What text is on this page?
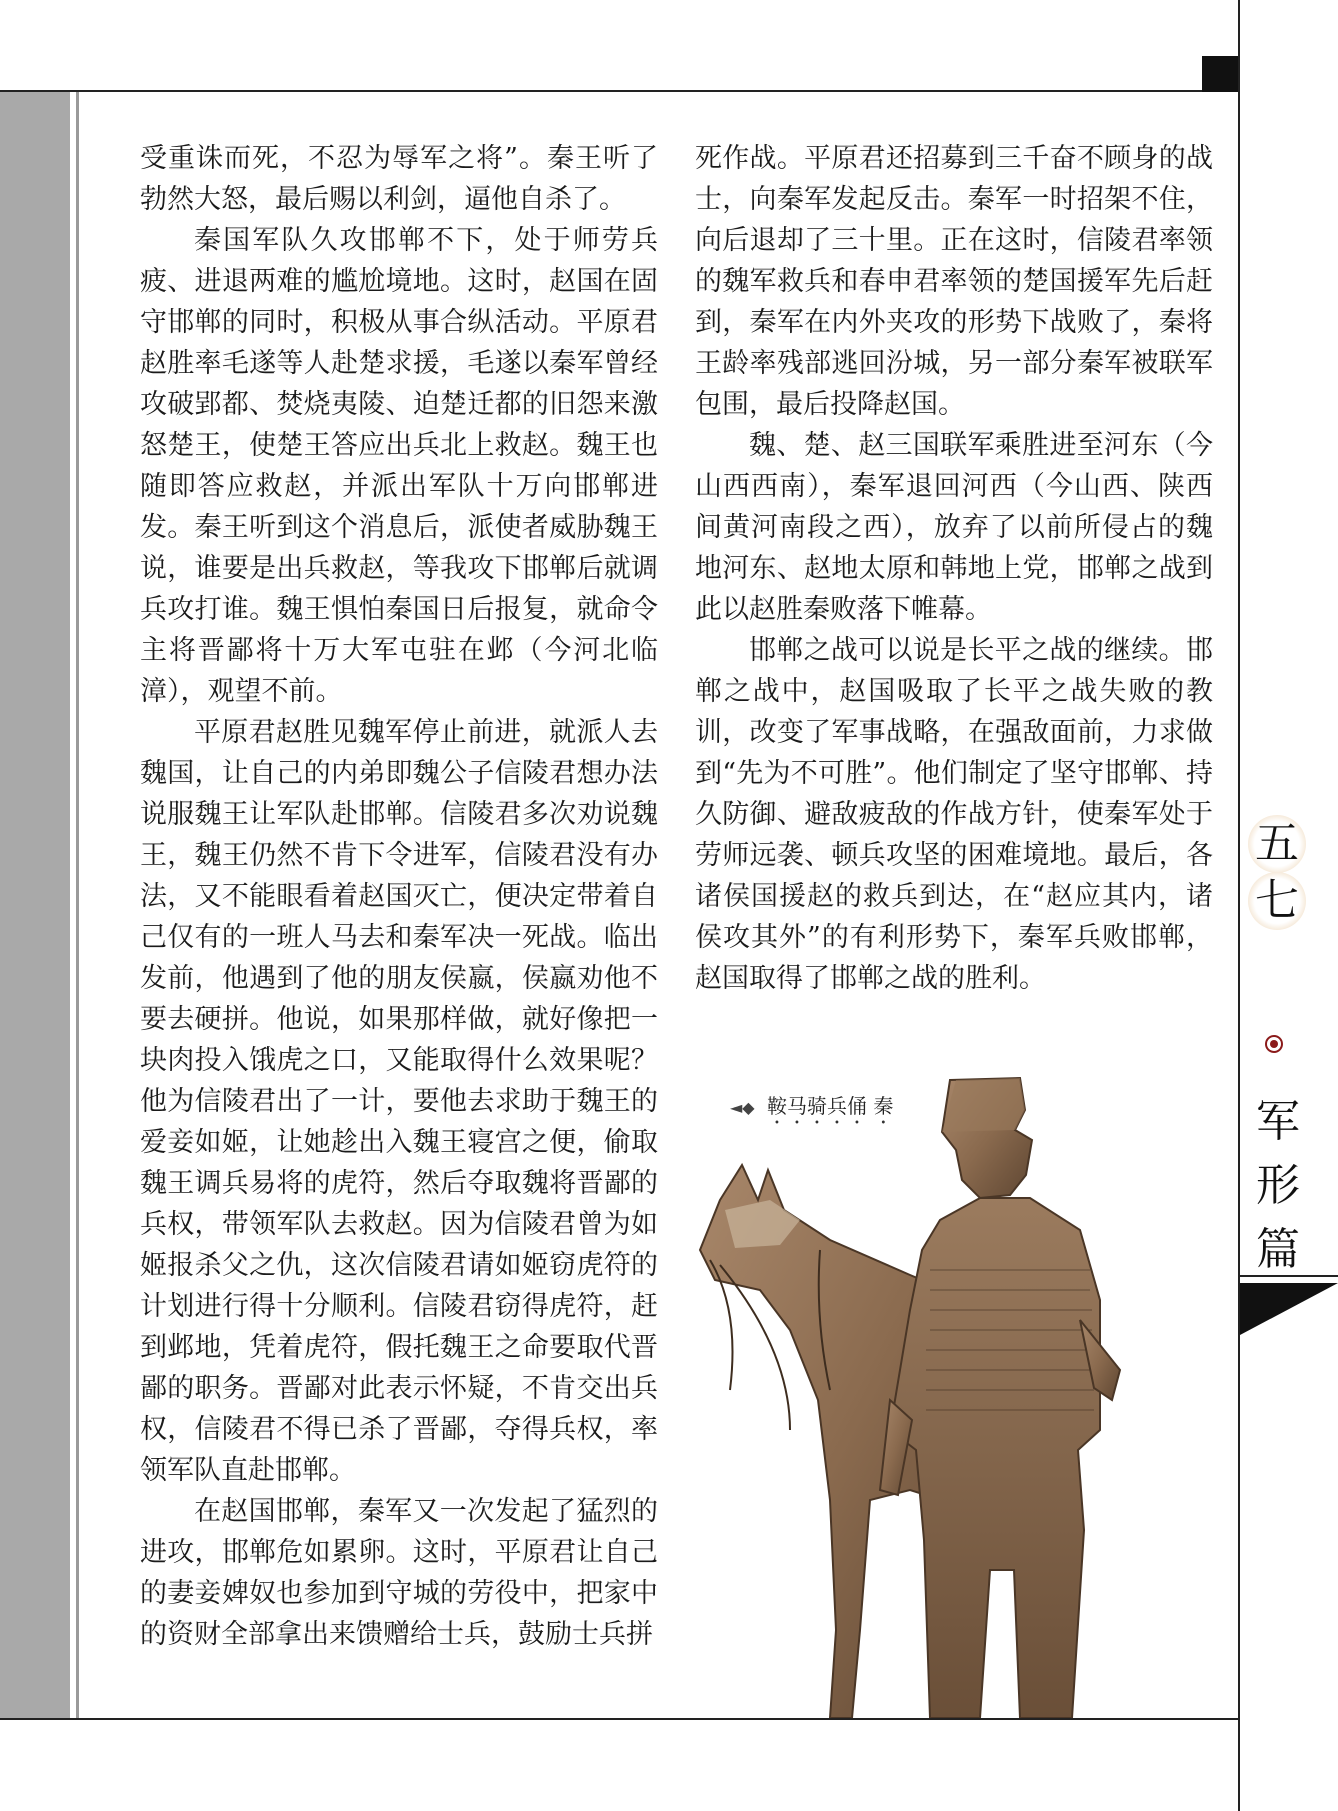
受重诛而死，不忍为辱军之将”。秦王听了勃然大怒，最后赐以利剑，逼他自杀了。

秦国军队久攻邯郸不下，处于师劳兵疲、进退两难的尴尬境地。这时，赵国在固守邯郸的同时，积极从事合纵活动。平原君赵胜率毛遂等人赴楚求援，毛遂以秦军曾经攻破郢都、焚烧夷陵、迫楚迁都的旧怨来激怒楚王，使楚王答应出兵北上救赵。魏王也随即答应救赵，并派出军队十万向邯郸进发。秦王听到这个消息后，派使者威胁魏王说，谁要是出兵救赵，等我攻下邯郸后就调兵攻打谁。魏王惧怕秦国日后报复，就命令主将晋鄙将十万大军屯驻在邺（今河北临漳），观望不前。

平原君赵胜见魏军停止前进，就派人去魏国，让自己的内弟即魏公子信陵君想办法说服魏王让军队赴邯郸。信陵君多次劝说魏王，魏王仍然不肯下令进军，信陵君没有办法，又不能眼看着赵国灭亡，便决定带着自己仅有的一班人马去和秦军决一死战。临出发前，他遇到了他的朋友侯嬴，侯嬴劝他不要去硬拼。他说，如果那样做，就好像把一块肉投入饿虎之口，又能取得什么效果呢？他为信陵君出了一计，要他去求助于魏王的爱妾如姬，让她趁出入魏王寝宫之便，偷取魏王调兵易将的虎符，然后夺取魏将晋鄙的兵权，带领军队去救赵。因为信陵君曾为如姬报杀父之仇，这次信陵君请如姬窃虎符的计划进行得十分顺利。信陵君窃得虎符，赶到邺地，凭着虎符，假托魏王之命要取代晋鄙的职务。晋鄙对此表示怀疑，不肯交出兵权，信陵君不得已杀了晋鄙，夺得兵权，率领军队直赴邯郸。

在赵国邯郸，秦军又一次发起了猛烈的进攻，邯郸危如累卵。这时，平原君让自己的妻妾婢奴也参加到守城的劳役中，把家中的资财全部拿出来馈赠给士兵，鼓励士兵拼

死作战。平原君还招募到三千奋不顾身的战士，向秦军发起反击。秦军一时招架不住，向后退却了三十里。正在这时，信陵君率领的魏军救兵和春申君率领的楚国援军先后赶到，秦军在内外夹攻的形势下战败了，秦将王龄率残部逃回汾城，另一部分秦军被联军包围，最后投降赵国。

魏、楚、赵三国联军乘胜进至河东（今山西西南），秦军退回河西（今山西、陕西间黄河南段之西），放弃了以前所侵占的魏地河东、赵地太原和韩地上党，邯郸之战到此以赵胜秦败落下帷幕。

邯郸之战可以说是长平之战的继续。邯郸之战中，赵国吸取了长平之战失败的教训，改变了军事战略，在强敌面前，力求做到“先为不可胜”。他们制定了坚守邯郸、持久防御、避敌疲敌的作战方针，使秦军处于劳师远袭、顿兵攻坚的困难境地。最后，各诸侯国援赵的救兵到达，在“赵应其内，诸侯攻其外”的有利形势下，秦军兵败邯郸，赵国取得了邯郸之战的胜利。

◄◆ 鞍马骑兵俑 秦
五
七
军
形
篇
